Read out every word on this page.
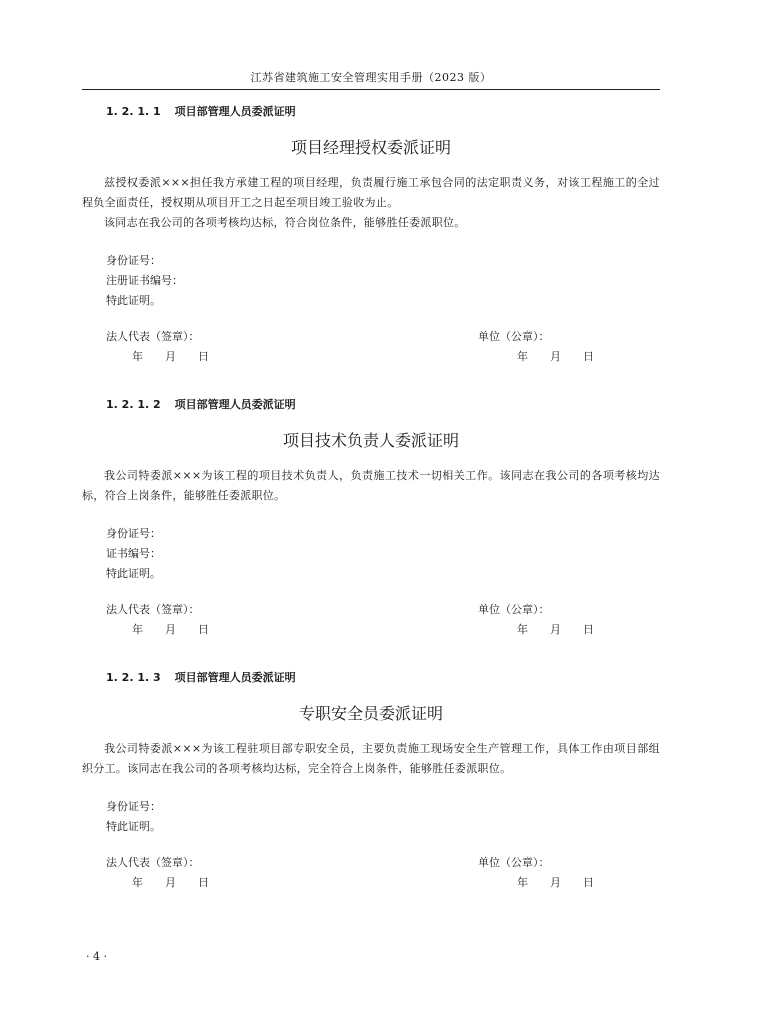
江苏省建筑施工安全管理实用手册（2023 版）
1. 2. 1. 1 项目部管理人员委派证明
项目经理授权委派证明

兹授权委派×××担任我方承建工程的项目经理，负责履行施工承包合同的法定职责义务，对该工程施工的全过程负全面责任，授权期从项目开工之日起至项目竣工验收为止。

该同志在我公司的各项考核均达标，符合岗位条件，能够胜任委派职位。

身份证号：
注册证书编号：
特此证明。
法人代表（签章）：
年 月 日
单位（公章）：
年 月 日
1. 2. 1. 2 项目部管理人员委派证明
项目技术负责人委派证明

我公司特委派×××为该工程的项目技术负责人，负责施工技术一切相关工作。该同志在我公司的各项考核均达标，符合上岗条件，能够胜任委派职位。

身份证号：
证书编号：
特此证明。
法人代表（签章）：
年 月 日
单位（公章）：
年 月 日
1. 2. 1. 3 项目部管理人员委派证明
专职安全员委派证明

我公司特委派×××为该工程驻项目部专职安全员，主要负责施工现场安全生产管理工作，具体工作由项目部组织分工。该同志在我公司的各项考核均达标，完全符合上岗条件，能够胜任委派职位。

身份证号：
特此证明。
法人代表（签章）：
年 月 日
单位（公章）：
年 月 日
· 4 ·
